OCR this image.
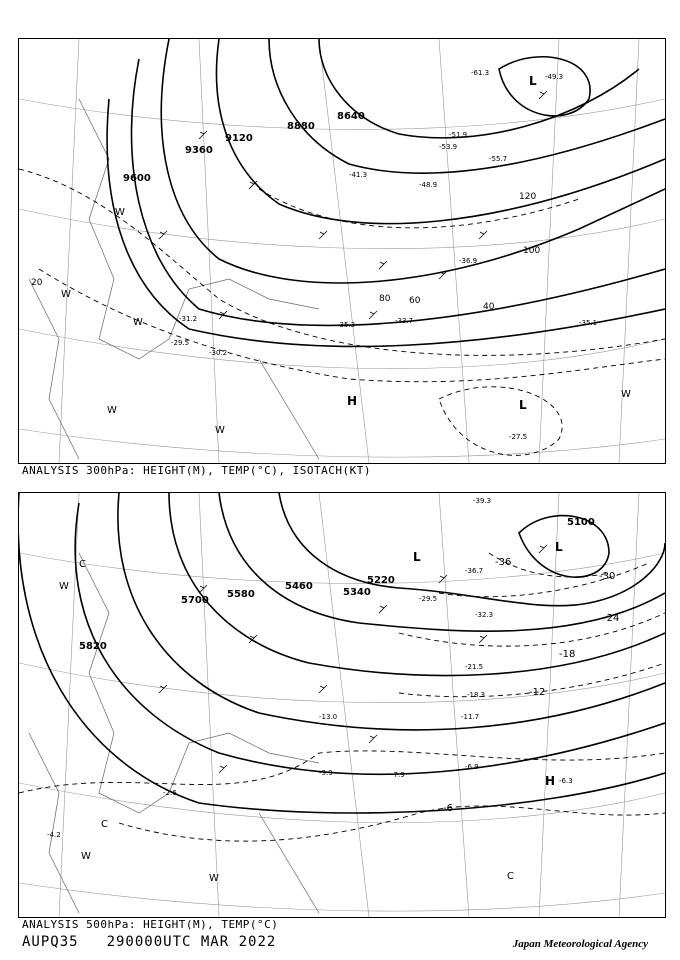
9600
9360
9120
8880
8640
120
100
80 60
40
20
-55.7
-51.9
-53.9
-48.9
-41.3
-33.7
-35.3
-31.2
-30.2
-29.5
-27.5
-35.1
-36.9
-61.3	-49.3
L
H	L
W
W
W
W
W
W
ANALYSIS 300hPa: HEIGHT(M), TEMP(°C), ISOTACH(KT)
5100
5340
5220
5460
5580
5700
5820
-36
-30
-24
-18
-12
-6
-39.3
-36.7
-32.3
-29.5
-21.5
-18.3
-13.0	-11.7
-9.9	-7.9
-6.9
-6.3
-4.2
-2.6
L
L
H
C
W
W
W
C
C
ANALYSIS 500hPa: HEIGHT(M), TEMP(°C)
AUPQ35 290000UTC MAR 2022	Japan Meteorological Agency
